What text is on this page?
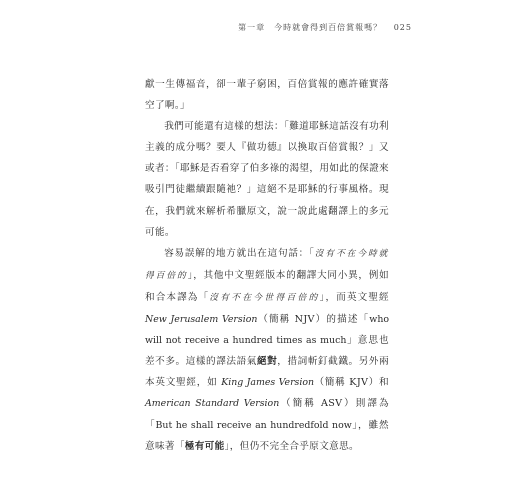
第一章　今時就會得到百倍賞報嗎？ 025

獻一生傳福音，卻一輩子窮困，百倍賞報的應許確實落空了啊。」

我們可能還有這樣的想法：「難道耶穌這話沒有功利主義的成分嗎？要人『做功德』以換取百倍賞報？」又或者：「耶穌是否看穿了伯多祿的渴望，用如此的保證來吸引門徒繼續跟隨祂？」這絕不是耶穌的行事風格。現在，我們就來解析希臘原文，說一說此處翻譯上的多元可能。

容易誤解的地方就出在這句話：「沒有不在今時就得百倍的」，其他中文聖經版本的翻譯大同小異，例如和合本譯為「沒有不在今世得百倍的」，而英文聖經 New Jerusalem Version（簡稱 NJV）的描述「who will not receive a hundred times as much」意思也差不多。這樣的譯法語氣絕對，措詞斬釘截鐵。另外兩本英文聖經，如 King James Version（簡稱 KJV）和 American Standard Version（簡稱 ASV）則譯為「But he shall receive an hundredfold now」，雖然意味著「極有可能」，但仍不完全合乎原文意思。
